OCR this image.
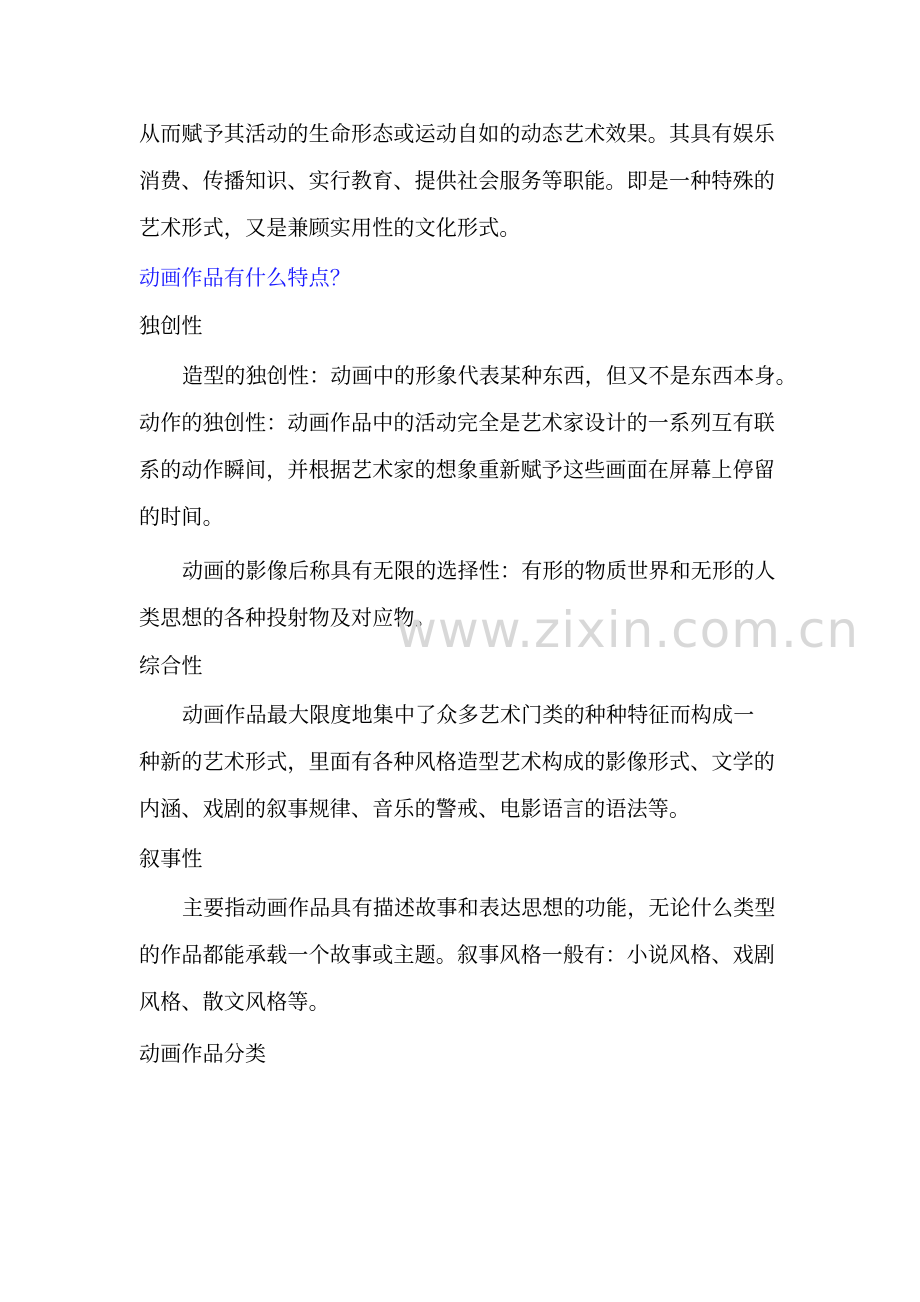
从而赋予其活动的生命形态或运动自如的动态艺术效果。其具有娱乐
消费、传播知识、实行教育、提供社会服务等职能。即是一种特殊的
艺术形式，又是兼顾实用性的文化形式。
动画作品有什么特点？
独创性
造型的独创性：动画中的形象代表某种东西，但又不是东西本身。
动作的独创性：动画作品中的活动完全是艺术家设计的一系列互有联
系的动作瞬间，并根据艺术家的想象重新赋予这些画面在屏幕上停留
的时间。
动画的影像后称具有无限的选择性：有形的物质世界和无形的人
类思想的各种投射物及对应物。
综合性
动画作品最大限度地集中了众多艺术门类的种种特征而构成一
种新的艺术形式，里面有各种风格造型艺术构成的影像形式、文学的
内涵、戏剧的叙事规律、音乐的警戒、电影语言的语法等。
叙事性
主要指动画作品具有描述故事和表达思想的功能，无论什么类型
的作品都能承载一个故事或主题。叙事风格一般有：小说风格、戏剧
风格、散文风格等。
动画作品分类
www.zixin.com.cn
